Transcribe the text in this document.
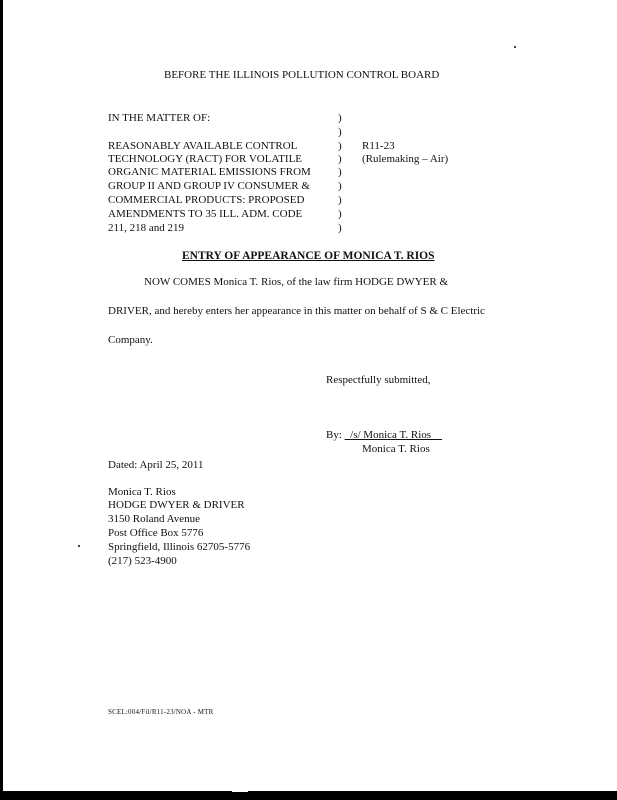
BEFORE THE ILLINOIS POLLUTION CONTROL BOARD
IN THE MATTER OF:
REASONABLY AVAILABLE CONTROL
TECHNOLOGY (RACT) FOR VOLATILE
ORGANIC MATERIAL EMISSIONS FROM
GROUP II AND GROUP IV CONSUMER &
COMMERCIAL PRODUCTS: PROPOSED
AMENDMENTS TO 35 ILL. ADM. CODE
211, 218 and 219
)
)
)
)
)
)
)
)
)
R11-23
(Rulemaking – Air)
ENTRY OF APPEARANCE OF MONICA T. RIOS
NOW COMES Monica T. Rios, of the law firm HODGE DWYER &
DRIVER, and hereby enters her appearance in this matter on behalf of S & C Electric
Company.
Respectfully submitted,
By: /s/ Monica T. Rios
Monica T. Rios
Dated: April 25, 2011
Monica T. Rios
HODGE DWYER & DRIVER
3150 Roland Avenue
Post Office Box 5776
Springfield, Illinois 62705-5776
(217) 523-4900
SCEL:004/Fil/R11-23/NOA - MTR
